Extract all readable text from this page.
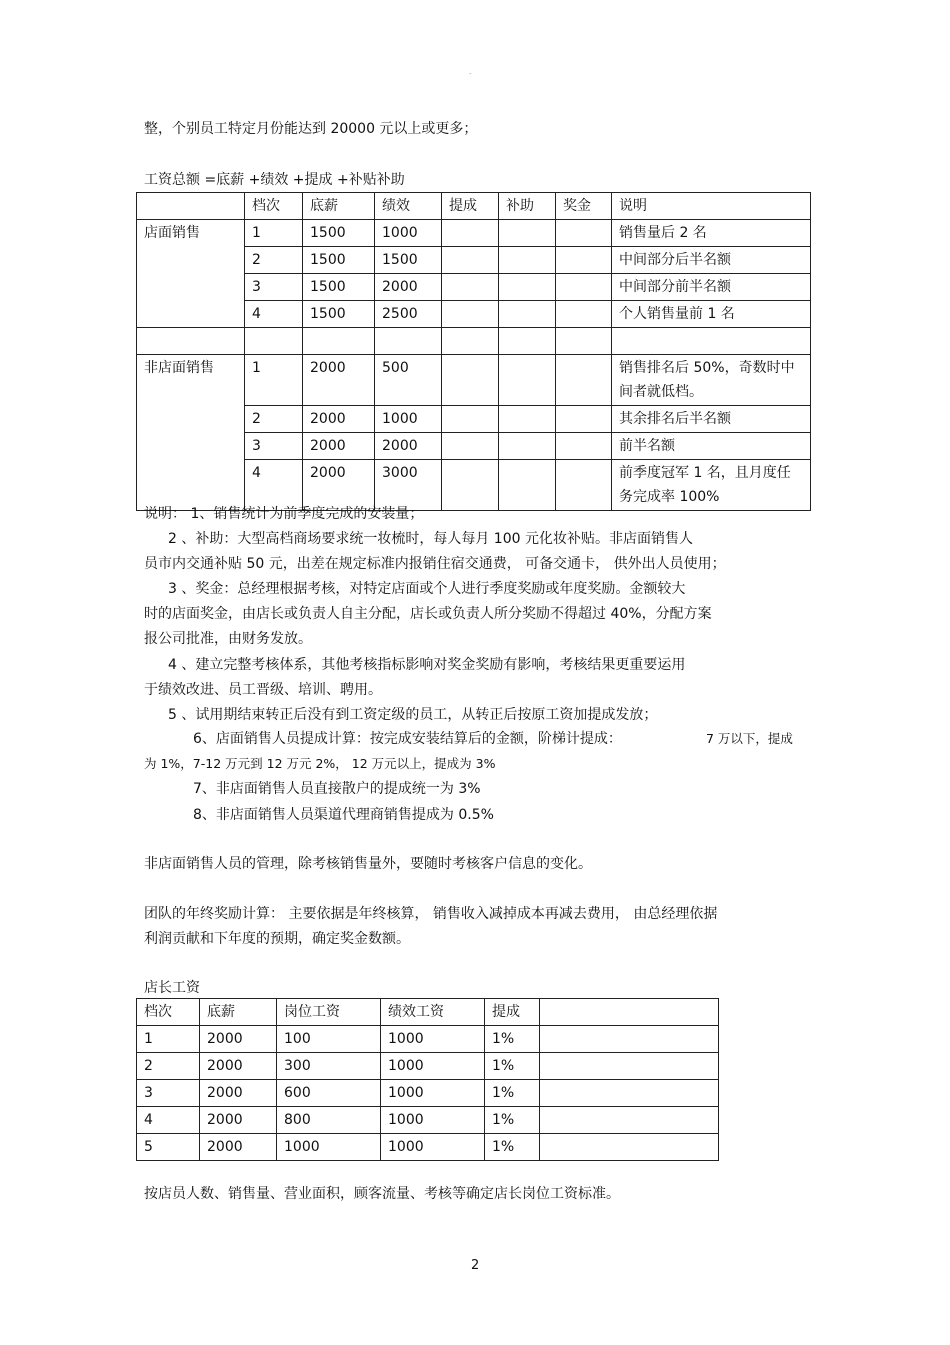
-
整，个别员工特定月份能达到 20000 元以上或更多；
工资总额 =底薪 +绩效 +提成 +补贴补助
	档次	底薪	绩效	提成	补助	奖金	说明
店面销售	1	1500	1000				销售量后 2 名
	2	1500	1500				中间部分后半名额
	3	1500	2000				中间部分前半名额
	4	1500	2500				个人销售量前 1 名

非店面销售	1	2000	500				销售排名后 50%，奇数时中间者就低档。
	2	2000	1000				其余排名后半名额
	3	2000	2000				前半名额
	4	2000	3000				前季度冠军 1 名，且月度任务完成率 100%
说明： 1、销售统计为前季度完成的安装量；
2 、补助：大型高档商场要求统一妆梳时，每人每月 100 元化妆补贴。非店面销售人
员市内交通补贴 50 元，出差在规定标准内报销住宿交通费， 可备交通卡， 供外出人员使用；
3 、奖金：总经理根据考核，对特定店面或个人进行季度奖励或年度奖励。金额较大
时的店面奖金，由店长或负责人自主分配，店长或负责人所分奖励不得超过 40%，分配方案
报公司批准，由财务发放。
4 、建立完整考核体系，其他考核指标影响对奖金奖励有影响，考核结果更重要运用
于绩效改进、员工晋级、培训、聘用。
5 、试用期结束转正后没有到工资定级的员工，从转正后按原工资加提成发放；
6、店面销售人员提成计算：按完成安装结算后的金额，阶梯计提成：	7 万以下，提成
为 1%，7-12 万元到 12 万元 2%， 12 万元以上，提成为 3%
7、非店面销售人员直接散户的提成统一为 3%
8、非店面销售人员渠道代理商销售提成为 0.5%
非店面销售人员的管理，除考核销售量外，要随时考核客户信息的变化。
团队的年终奖励计算： 主要依据是年终核算， 销售收入减掉成本再减去费用， 由总经理依据
利润贡献和下年度的预期，确定奖金数额。
店长工资
档次	底薪	岗位工资	绩效工资	提成	
1	2000	100	1000	1%	
2	2000	300	1000	1%	
3	2000	600	1000	1%	
4	2000	800	1000	1%	
5	2000	1000	1000	1%	
按店员人数、销售量、营业面积，顾客流量、考核等确定店长岗位工资标准。
2
